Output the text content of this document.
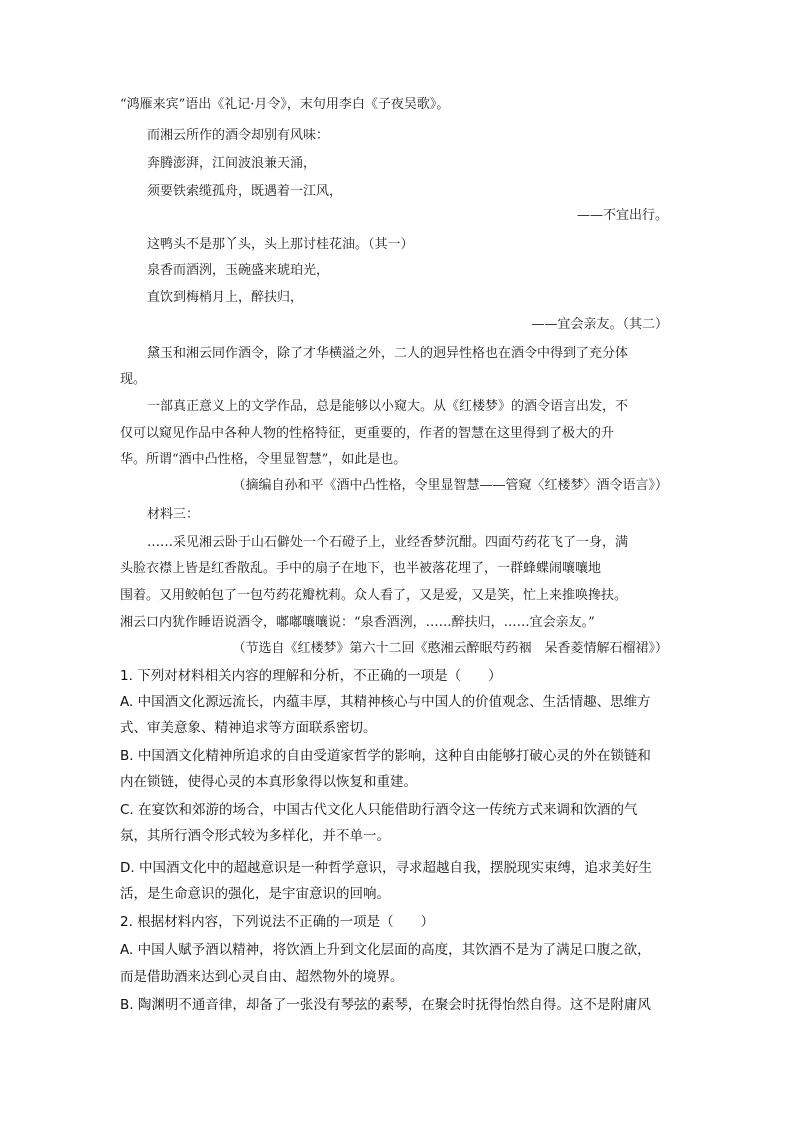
“鸿雁来宾”语出《礼记·月令》，末句用李白《子夜吴歌》。
而湘云所作的酒令却别有风味：
奔腾澎湃，江间波浪兼天涌，
须要铁索缆孤舟，既遇着一江风，
——不宜出行。
这鸭头不是那丫头，头上那讨桂花油。（其一）
泉香而酒洌，玉碗盛来琥珀光，
直饮到梅梢月上，醉扶归，
——宜会亲友。（其二）
黛玉和湘云同作酒令，除了才华横溢之外，二人的迥异性格也在酒令中得到了充分体
现。
一部真正意义上的文学作品，总是能够以小窥大。从《红楼梦》的酒令语言出发，不
仅可以窥见作品中各种人物的性格特征，更重要的，作者的智慧在这里得到了极大的升
华。所谓“酒中凸性格，令里显智慧”，如此是也。
（摘编自孙和平《酒中凸性格，令里显智慧——管窥〈红楼梦〉酒令语言》）
材料三：
……采见湘云卧于山石僻处一个石磴子上，业经香梦沉酣。四面芍药花飞了一身，满
头脸衣襟上皆是红香散乱。手中的扇子在地下，也半被落花埋了，一群蜂蝶闹嚷嚷地
围着。又用鲛帕包了一包芍药花瓣枕莉。众人看了，又是爱，又是笑，忙上来推唤搀扶。
湘云口内犹作睡语说酒令，嘟嘟嚷嚷说：“泉香酒洌，……醉扶归，……宜会亲友。”
（节选自《红楼梦》第六十二回《憨湘云醉眠芍药裀　呆香菱情解石榴裙》）
1. 下列对材料相关内容的理解和分析，不正确的一项是（　　）
A. 中国酒文化源远流长，内蕴丰厚，其精神核心与中国人的价值观念、生活情趣、思维方
式、审美意象、精神追求等方面联系密切。
B. 中国酒文化精神所追求的自由受道家哲学的影响，这种自由能够打破心灵的外在锁链和
内在锁链，使得心灵的本真形象得以恢复和重建。
C. 在宴饮和郊游的场合，中国古代文化人只能借助行酒令这一传统方式来调和饮酒的气
氛，其所行酒令形式较为多样化，并不单一。
D. 中国酒文化中的超越意识是一种哲学意识，寻求超越自我，摆脱现实束缚，追求美好生
活，是生命意识的强化，是宇宙意识的回响。
2. 根据材料内容，下列说法不正确的一项是（　　）
A. 中国人赋予酒以精神，将饮酒上升到文化层面的高度，其饮酒不是为了满足口腹之欲，
而是借助酒来达到心灵自由、超然物外的境界。
B. 陶渊明不通音律，却备了一张没有琴弦的素琴，在聚会时抚得怡然自得。这不是附庸风
